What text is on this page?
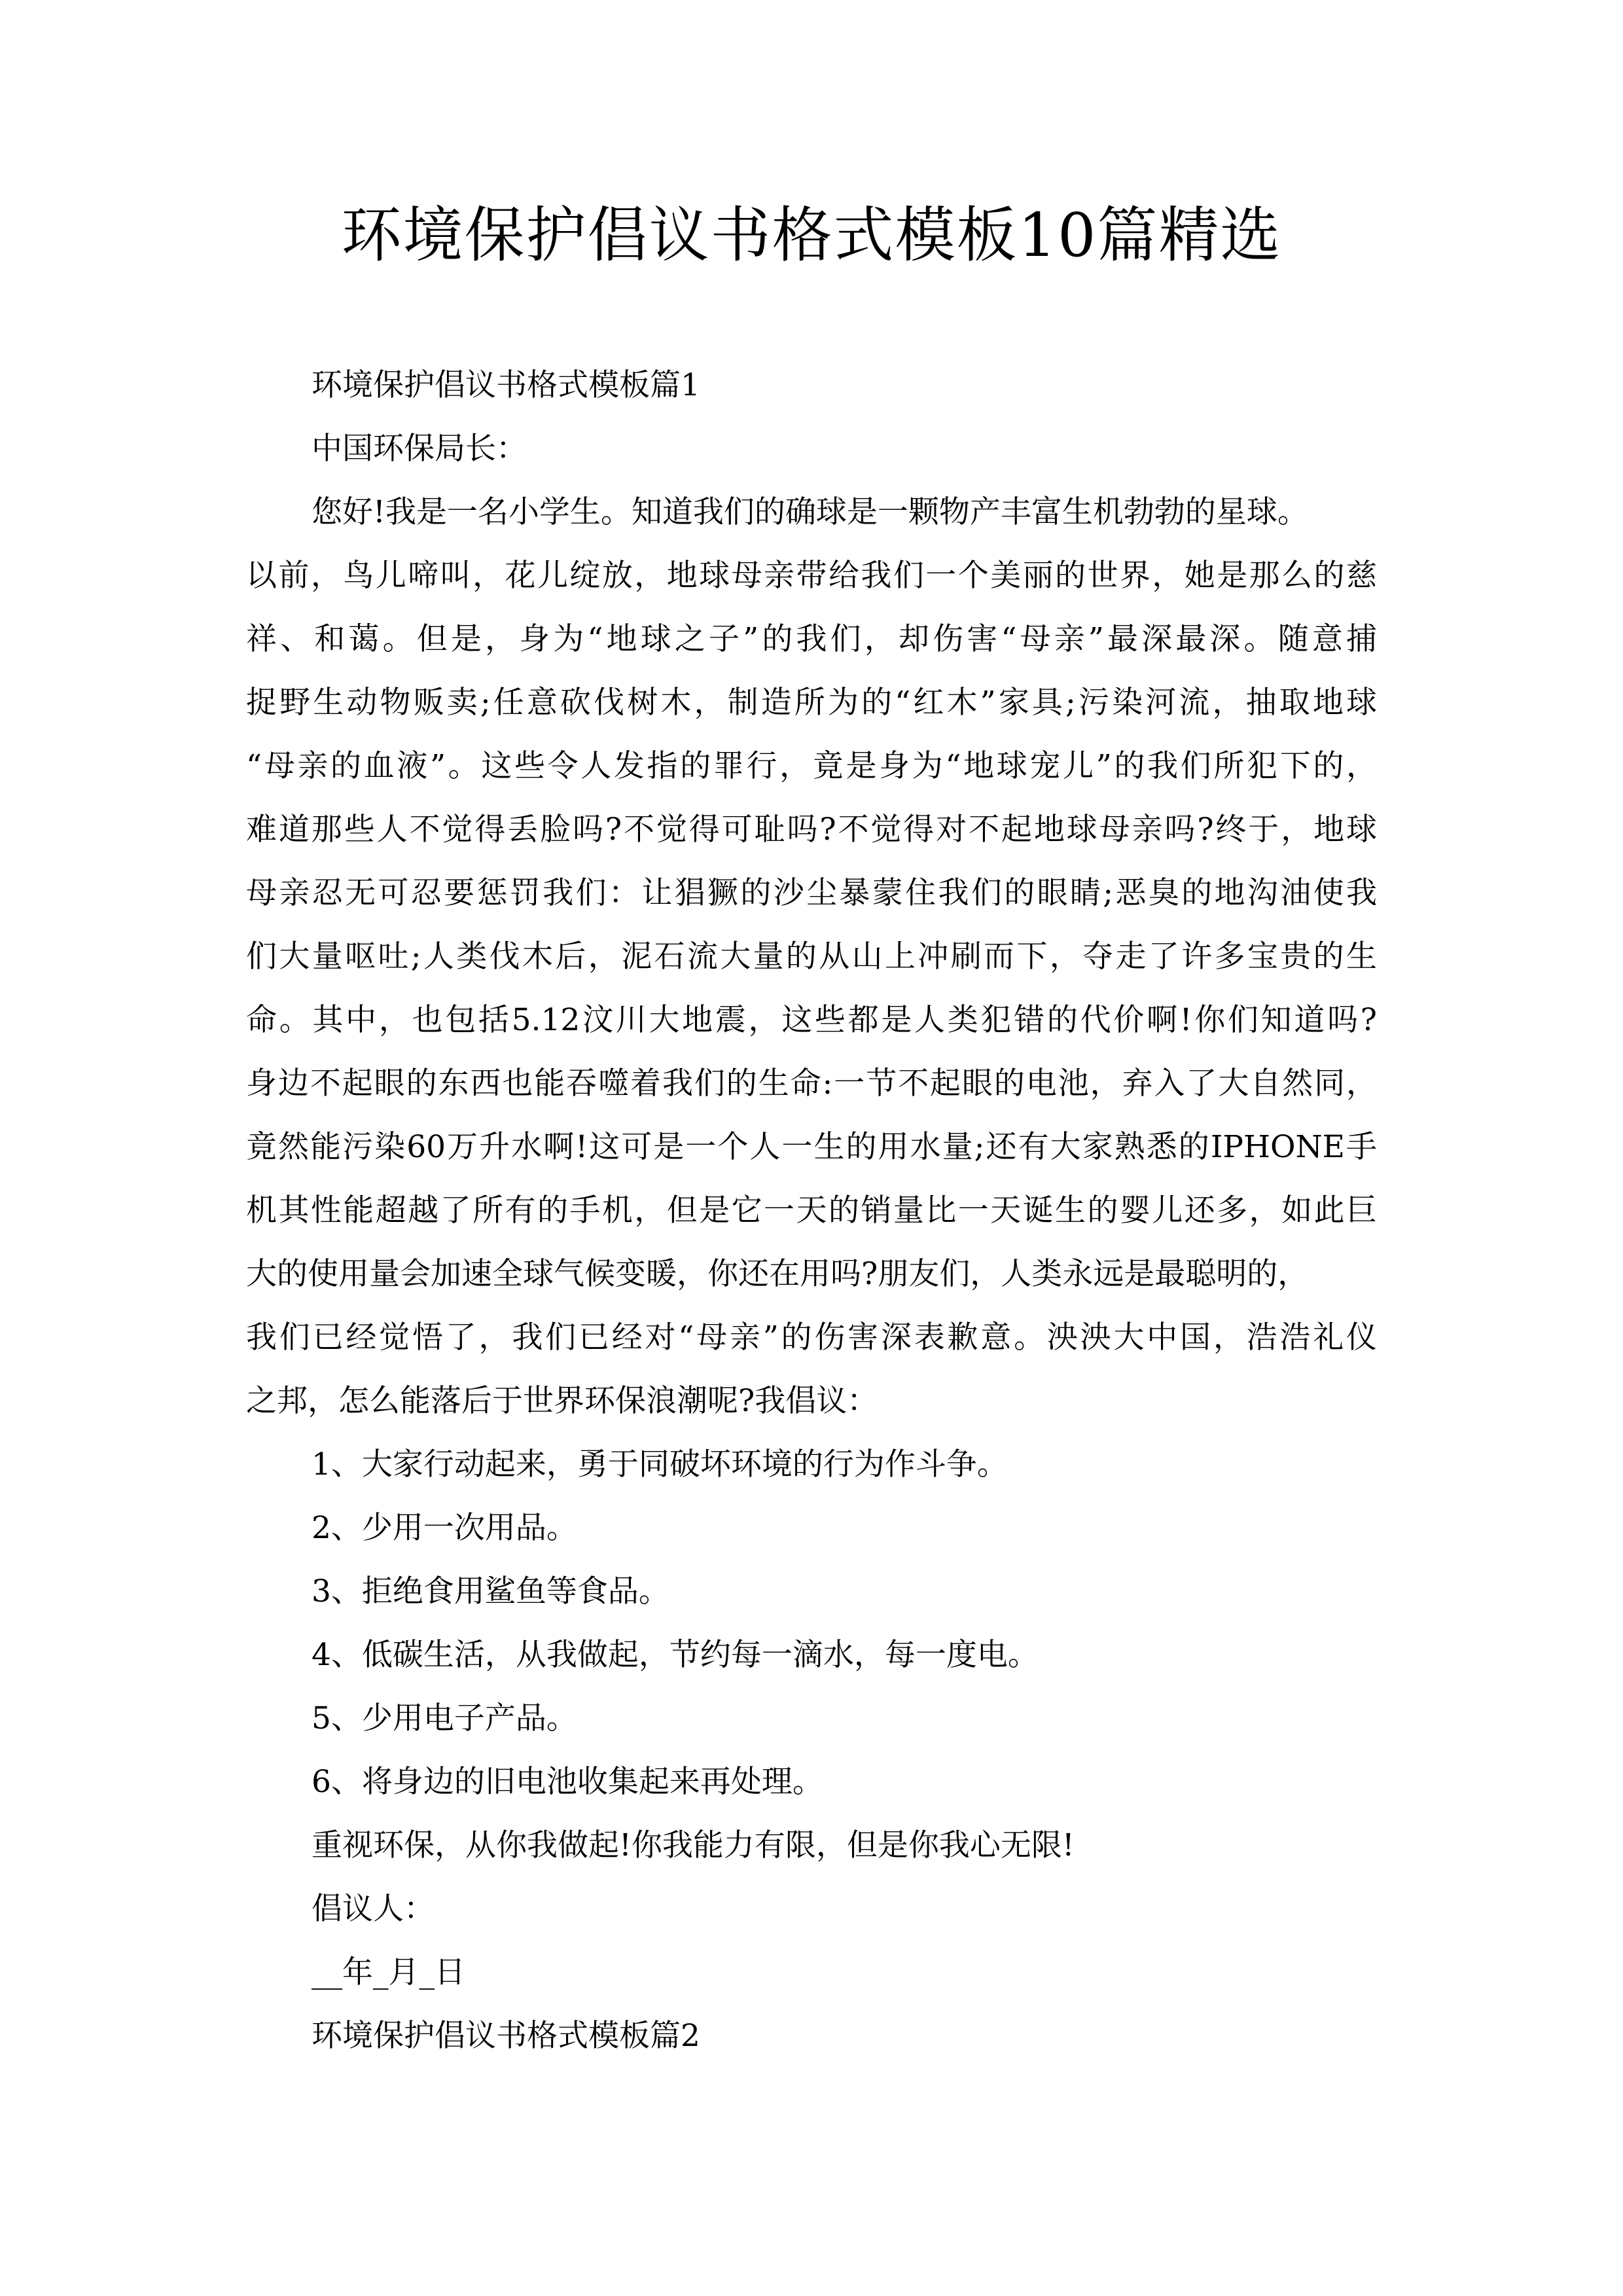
环境保护倡议书格式模板10篇精选
环境保护倡议书格式模板篇1
中国环保局长：
您好!我是一名小学生。知道我们的确球是一颗物产丰富生机勃勃的星球。
以前，鸟儿啼叫，花儿绽放，地球母亲带给我们一个美丽的世界，她是那么的慈
祥、和蔼。但是，身为“地球之子”的我们，却伤害“母亲”最深最深。随意捕
捉野生动物贩卖;任意砍伐树木，制造所为的“红木”家具;污染河流，抽取地球
“母亲的血液”。这些令人发指的罪行，竟是身为“地球宠儿”的我们所犯下的，
难道那些人不觉得丢脸吗?不觉得可耻吗?不觉得对不起地球母亲吗?终于，地球
母亲忍无可忍要惩罚我们：让猖獗的沙尘暴蒙住我们的眼睛;恶臭的地沟油使我
们大量呕吐;人类伐木后，泥石流大量的从山上冲刷而下，夺走了许多宝贵的生
命。其中，也包括5.12汶川大地震，这些都是人类犯错的代价啊!你们知道吗?
身边不起眼的东西也能吞噬着我们的生命:一节不起眼的电池，弃入了大自然同，
竟然能污染60万升水啊!这可是一个人一生的用水量;还有大家熟悉的IPHONE手
机其性能超越了所有的手机，但是它一天的销量比一天诞生的婴儿还多，如此巨
大的使用量会加速全球气候变暖，你还在用吗?朋友们，人类永远是最聪明的，
我们已经觉悟了，我们已经对“母亲”的伤害深表歉意。泱泱大中国，浩浩礼仪
之邦，怎么能落后于世界环保浪潮呢?我倡议：
1、大家行动起来，勇于同破坏环境的行为作斗争。
2、少用一次用品。
3、拒绝食用鲨鱼等食品。
4、低碳生活，从我做起，节约每一滴水，每一度电。
5、少用电子产品。
6、将身边的旧电池收集起来再处理。
重视环保，从你我做起!你我能力有限，但是你我心无限!
倡议人：
__年_月_日
环境保护倡议书格式模板篇2
